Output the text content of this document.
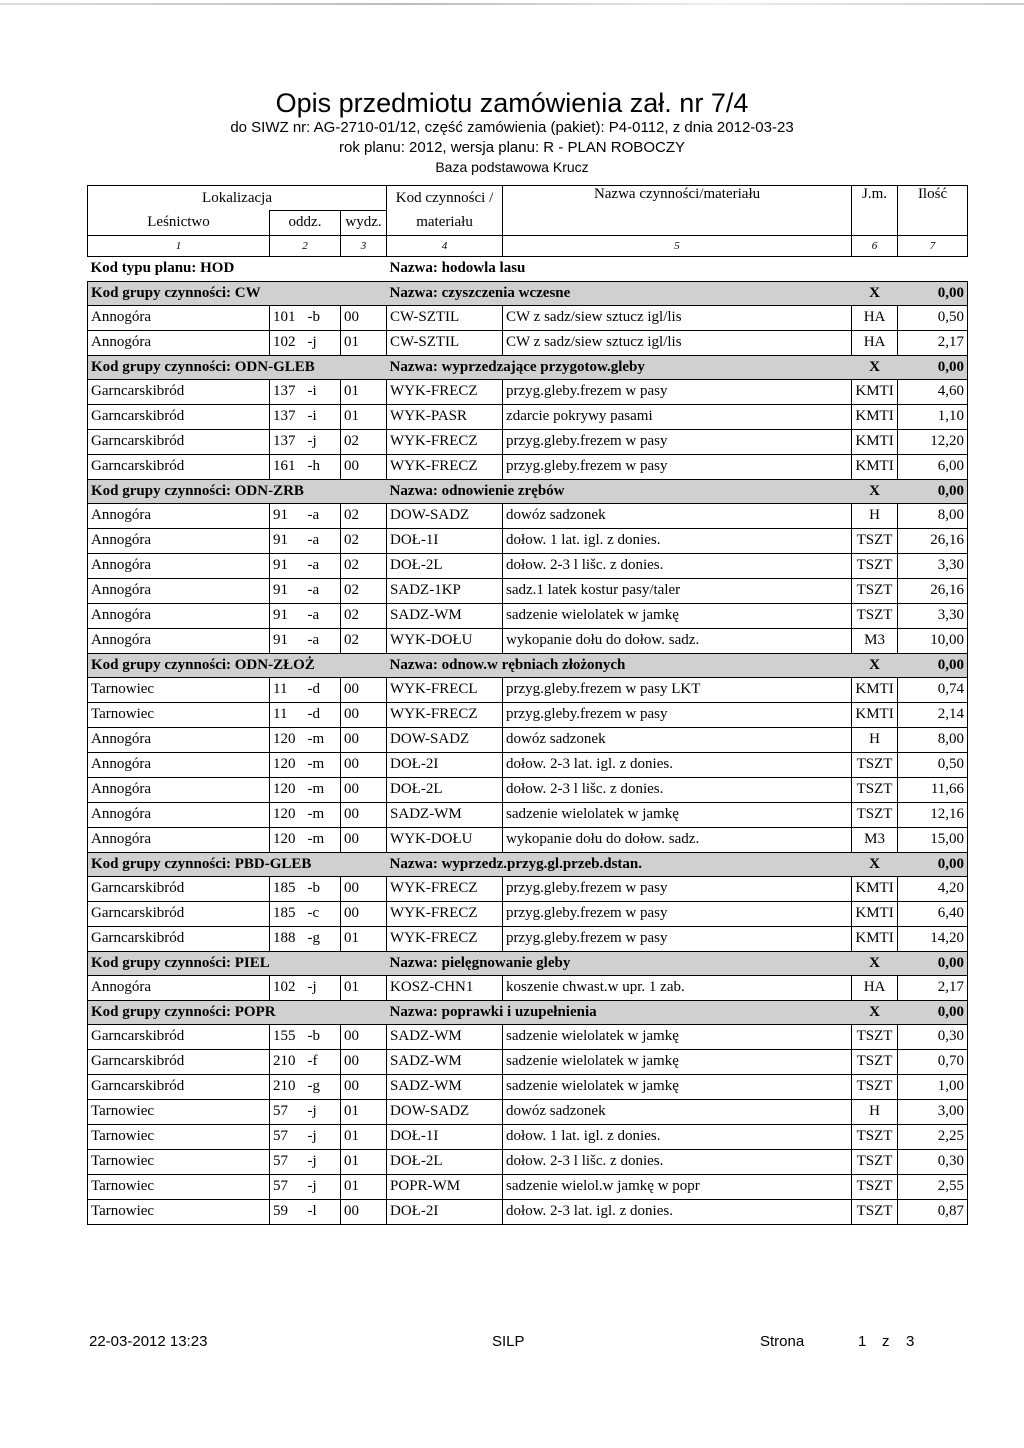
Opis przedmiotu zamówienia zał. nr 7/4
do SIWZ nr: AG-2710-01/12, część zamówienia (pakiet): P4-0112, z dnia 2012-03-23
rok planu: 2012, wersja planu: R - PLAN ROBOCZY
Baza podstawowa Krucz
Lokalizacja				Kod czynności /	Nazwa czynności/materiału	J.m.	Ilość
Leśnictwo	oddz.		wydz.	materiału			
1	2		3	4	5	6	7
Kod typu planu: HOD				Nazwa: hodowla lasu			
Kod grupy czynności: CW				Nazwa: czyszczenia wczesne		X	0,00
Annogóra	101	-b	00	CW-SZTIL	CW z sadz/siew sztucz igl/lis	HA	0,50
Annogóra	102	-j	01	CW-SZTIL	CW z sadz/siew sztucz igl/lis	HA	2,17
Kod grupy czynności: ODN-GLEB				Nazwa: wyprzedzające przygotow.gleby		X	0,00
Garncarskibród	137	-i	01	WYK-FRECZ	przyg.gleby.frezem w pasy	KMTI	4,60
Garncarskibród	137	-i	01	WYK-PASR	zdarcie pokrywy pasami	KMTI	1,10
Garncarskibród	137	-j	02	WYK-FRECZ	przyg.gleby.frezem w pasy	KMTI	12,20
Garncarskibród	161	-h	00	WYK-FRECZ	przyg.gleby.frezem w pasy	KMTI	6,00
Kod grupy czynności: ODN-ZRB				Nazwa: odnowienie zrębów		X	0,00
Annogóra	91	-a	02	DOW-SADZ	dowóz sadzonek	H	8,00
Annogóra	91	-a	02	DOŁ-1I	dołow. 1 lat. igl. z donies.	TSZT	26,16
Annogóra	91	-a	02	DOŁ-2L	dołow. 2-3 l lišc. z donies.	TSZT	3,30
Annogóra	91	-a	02	SADZ-1KP	sadz.1 latek kostur pasy/taler	TSZT	26,16
Annogóra	91	-a	02	SADZ-WM	sadzenie wielolatek w jamkę	TSZT	3,30
Annogóra	91	-a	02	WYK-DOŁU	wykopanie dołu do dołow. sadz.	M3	10,00
Kod grupy czynności: ODN-ZŁOŻ				Nazwa: odnow.w rębniach złożonych		X	0,00
Tarnowiec	11	-d	00	WYK-FRECL	przyg.gleby.frezem w pasy LKT	KMTI	0,74
Tarnowiec	11	-d	00	WYK-FRECZ	przyg.gleby.frezem w pasy	KMTI	2,14
Annogóra	120	-m	00	DOW-SADZ	dowóz sadzonek	H	8,00
Annogóra	120	-m	00	DOŁ-2I	dołow. 2-3 lat. igl. z donies.	TSZT	0,50
Annogóra	120	-m	00	DOŁ-2L	dołow. 2-3 l lišc. z donies.	TSZT	11,66
Annogóra	120	-m	00	SADZ-WM	sadzenie wielolatek w jamkę	TSZT	12,16
Annogóra	120	-m	00	WYK-DOŁU	wykopanie dołu do dołow. sadz.	M3	15,00
Kod grupy czynności: PBD-GLEB				Nazwa: wyprzedz.przyg.gl.przeb.dstan.		X	0,00
Garncarskibród	185	-b	00	WYK-FRECZ	przyg.gleby.frezem w pasy	KMTI	4,20
Garncarskibród	185	-c	00	WYK-FRECZ	przyg.gleby.frezem w pasy	KMTI	6,40
Garncarskibród	188	-g	01	WYK-FRECZ	przyg.gleby.frezem w pasy	KMTI	14,20
Kod grupy czynności: PIEL				Nazwa: pielęgnowanie gleby		X	0,00
Annogóra	102	-j	01	KOSZ-CHN1	koszenie chwast.w upr. 1 zab.	HA	2,17
Kod grupy czynności: POPR				Nazwa: poprawki i uzupełnienia		X	0,00
Garncarskibród	155	-b	00	SADZ-WM	sadzenie wielolatek w jamkę	TSZT	0,30
Garncarskibród	210	-f	00	SADZ-WM	sadzenie wielolatek w jamkę	TSZT	0,70
Garncarskibród	210	-g	00	SADZ-WM	sadzenie wielolatek w jamkę	TSZT	1,00
Tarnowiec	57	-j	01	DOW-SADZ	dowóz sadzonek	H	3,00
Tarnowiec	57	-j	01	DOŁ-1I	dołow. 1 lat. igl. z donies.	TSZT	2,25
Tarnowiec	57	-j	01	DOŁ-2L	dołow. 2-3 l lišc. z donies.	TSZT	0,30
Tarnowiec	57	-j	01	POPR-WM	sadzenie wielol.w jamkę w popr	TSZT	2,55
Tarnowiec	59	-l	00	DOŁ-2I	dołow. 2-3 lat. igl. z donies.	TSZT	0,87
22-03-2012 13:23	SILP	Strona	1 z 3
